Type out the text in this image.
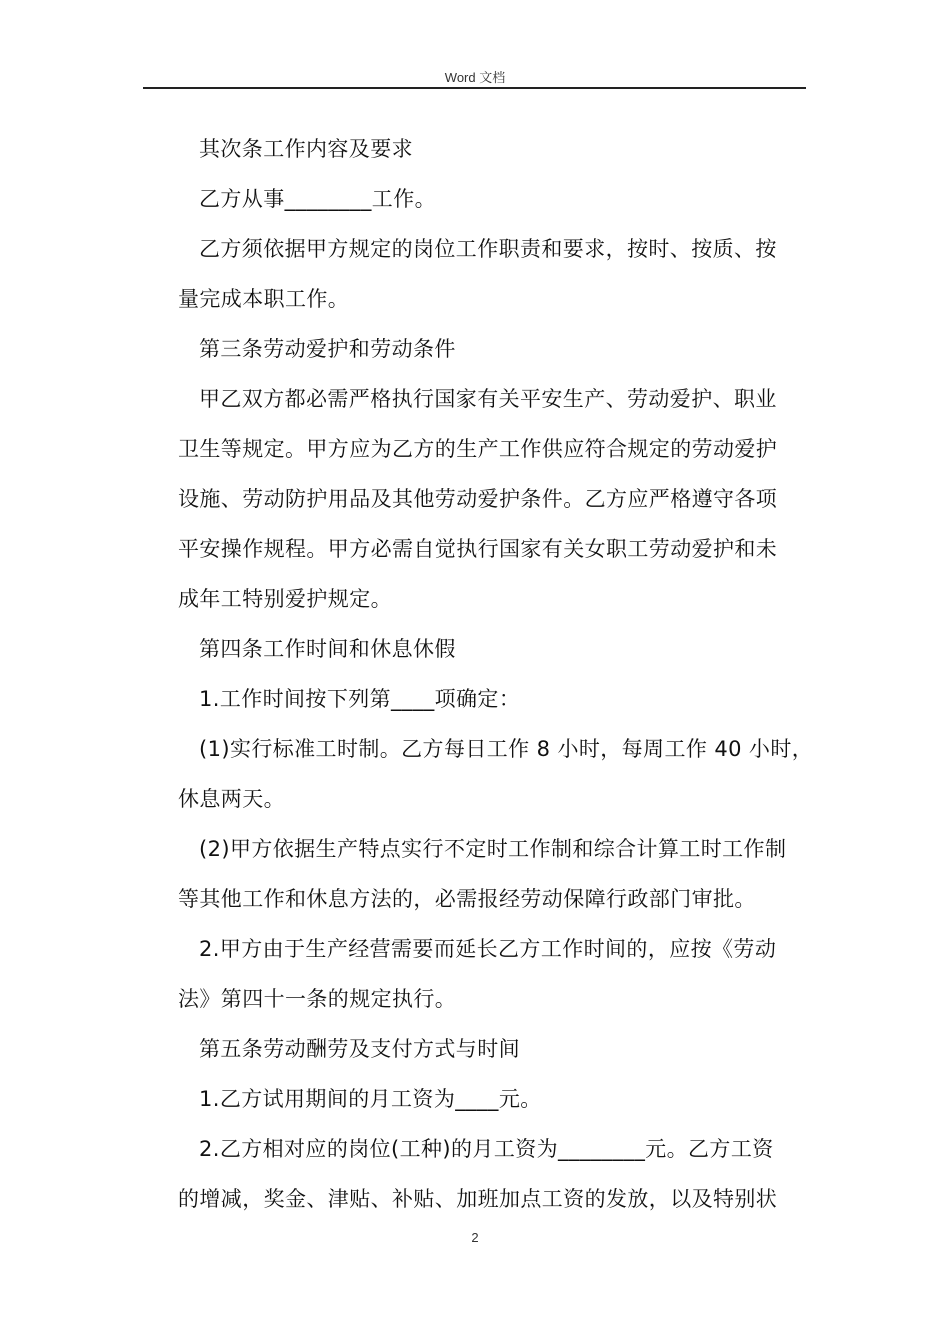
Word 文档

其次条工作内容及要求

乙方从事________工作。

乙方须依据甲方规定的岗位工作职责和要求，按时、按质、按

量完成本职工作。

第三条劳动爱护和劳动条件

甲乙双方都必需严格执行国家有关平安生产、劳动爱护、职业

卫生等规定。甲方应为乙方的生产工作供应符合规定的劳动爱护

设施、劳动防护用品及其他劳动爱护条件。乙方应严格遵守各项

平安操作规程。甲方必需自觉执行国家有关女职工劳动爱护和未

成年工特别爱护规定。

第四条工作时间和休息休假

1.工作时间按下列第____项确定：

(1)实行标准工时制。乙方每日工作 8 小时，每周工作 40 小时，

休息两天。

(2)甲方依据生产特点实行不定时工作制和综合计算工时工作制

等其他工作和休息方法的，必需报经劳动保障行政部门审批。

2.甲方由于生产经营需要而延长乙方工作时间的，应按《劳动

法》第四十一条的规定执行。

第五条劳动酬劳及支付方式与时间

1.乙方试用期间的月工资为____元。

2.乙方相对应的岗位(工种)的月工资为________元。乙方工资

的增减，奖金、津贴、补贴、加班加点工资的发放，以及特别状

2
